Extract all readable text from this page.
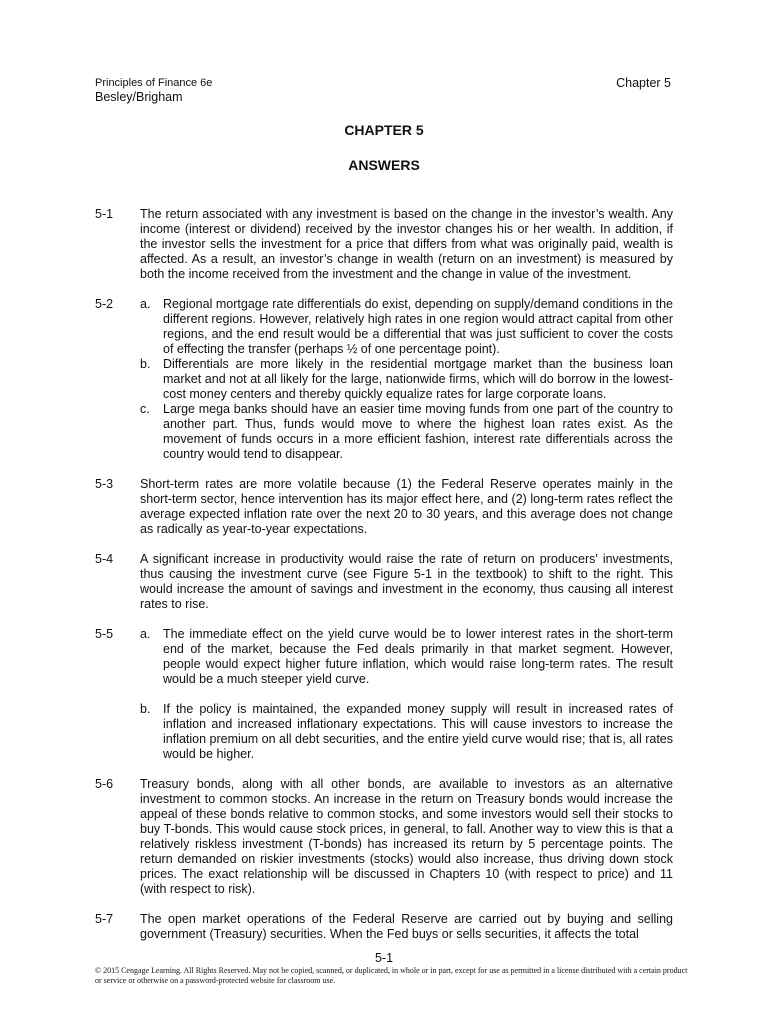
Principles of Finance 6e
Besley/Brigham
Chapter 5
CHAPTER 5
ANSWERS
5-1 The return associated with any investment is based on the change in the investor’s wealth. Any income (interest or dividend) received by the investor changes his or her wealth. In addition, if the investor sells the investment for a price that differs from what was originally paid, wealth is affected. As a result, an investor’s change in wealth (return on an investment) is measured by both the income received from the investment and the change in value of the investment.
5-2 a. Regional mortgage rate differentials do exist, depending on supply/demand conditions in the different regions. However, relatively high rates in one region would attract capital from other regions, and the end result would be a differential that was just sufficient to cover the costs of effecting the transfer (perhaps ½ of one percentage point).
b. Differentials are more likely in the residential mortgage market than the business loan market and not at all likely for the large, nationwide firms, which will do borrow in the lowest-cost money centers and thereby quickly equalize rates for large corporate loans.
c. Large mega banks should have an easier time moving funds from one part of the country to another part. Thus, funds would move to where the highest loan rates exist. As the movement of funds occurs in a more efficient fashion, interest rate differentials across the country would tend to disappear.
5-3 Short-term rates are more volatile because (1) the Federal Reserve operates mainly in the short-term sector, hence intervention has its major effect here, and (2) long-term rates reflect the average expected inflation rate over the next 20 to 30 years, and this average does not change as radically as year-to-year expectations.
5-4 A significant increase in productivity would raise the rate of return on producers' investments, thus causing the investment curve (see Figure 5-1 in the textbook) to shift to the right. This would increase the amount of savings and investment in the economy, thus causing all interest rates to rise.
5-5 a. The immediate effect on the yield curve would be to lower interest rates in the short-term end of the market, because the Fed deals primarily in that market segment. However, people would expect higher future inflation, which would raise long-term rates. The result would be a much steeper yield curve.
b. If the policy is maintained, the expanded money supply will result in increased rates of inflation and increased inflationary expectations. This will cause investors to increase the inflation premium on all debt securities, and the entire yield curve would rise; that is, all rates would be higher.
5-6 Treasury bonds, along with all other bonds, are available to investors as an alternative investment to common stocks. An increase in the return on Treasury bonds would increase the appeal of these bonds relative to common stocks, and some investors would sell their stocks to buy T-bonds. This would cause stock prices, in general, to fall. Another way to view this is that a relatively riskless investment (T-bonds) has increased its return by 5 percentage points. The return demanded on riskier investments (stocks) would also increase, thus driving down stock prices. The exact relationship will be discussed in Chapters 10 (with respect to price) and 11 (with respect to risk).
5-7 The open market operations of the Federal Reserve are carried out by buying and selling government (Treasury) securities. When the Fed buys or sells securities, it affects the total
5-1
© 2015 Cengage Learning. All Rights Reserved. May not be copied, scanned, or duplicated, in whole or in part, except for use as permitted in a license distributed with a certain product or service or otherwise on a password-protected website for classroom use.
